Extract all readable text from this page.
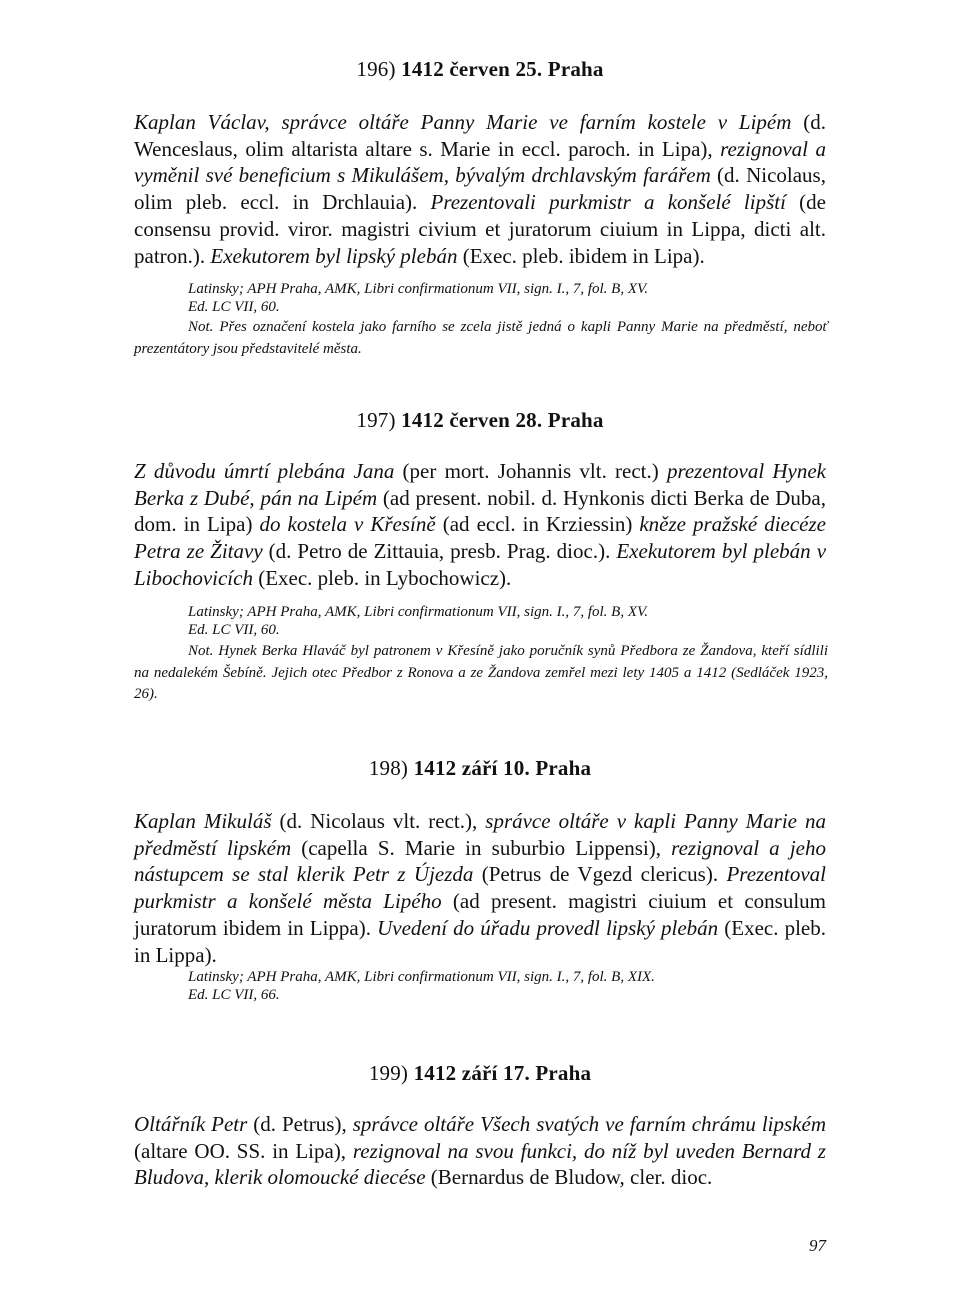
196) 1412 červen 25. Praha
Kaplan Václav, správce oltáře Panny Marie ve farním kostele v Lipém (d. Wenceslaus, olim altarista altare s. Marie in eccl. paroch. in Lipa), rezignoval a vyměnil své beneficium s Mikulášem, bývalým drchlavským farářem (d. Nicolaus, olim pleb. eccl. in Drchlauia). Prezentovali purkmistr a konšelé lipští (de consensu provid. viror. magistri civium et juratorum ciuium in Lippa, dicti alt. patron.). Exekutorem byl lipský plebán (Exec. pleb. ibidem in Lipa).
Latinsky; APH Praha, AMK, Libri confirmationum VII, sign. I., 7, fol. B, XV.
Ed. LC VII, 60.
Not. Přes označení kostela jako farního se zcela jistě jedná o kapli Panny Marie na předměstí, neboť prezentátory jsou představitelé města.
197) 1412 červen 28. Praha
Z důvodu úmrtí plebána Jana (per mort. Johannis vlt. rect.) prezentoval Hynek Berka z Dubé, pán na Lipém (ad present. nobil. d. Hynkonis dicti Berka de Duba, dom. in Lipa) do kostela v Křesíně (ad eccl. in Krziessin) kněze pražské diecéze Petra ze Žitavy (d. Petro de Zittauia, presb. Prag. dioc.). Exekutorem byl plebán v Libochovicích (Exec. pleb. in Lybochowicz).
Latinsky; APH Praha, AMK, Libri confirmationum VII, sign. I., 7, fol. B, XV.
Ed. LC VII, 60.
Not. Hynek Berka Hlaváč byl patronem v Křesíně jako poručník synů Předbora ze Žandova, kteří sídlili na nedalekém Šebíně. Jejich otec Předbor z Ronova a ze Žandova zemřel mezi lety 1405 a 1412 (Sedláček 1923, 26).
198) 1412 září 10. Praha
Kaplan Mikuláš (d. Nicolaus vlt. rect.), správce oltáře v kapli Panny Marie na předměstí lipském (capella S. Marie in suburbio Lippensi), rezignoval a jeho nástupcem se stal klerik Petr z Újezda (Petrus de Vgezd clericus). Prezentoval purkmistr a konšelé města Lipého (ad present. magistri ciuium et consulum juratorum ibidem in Lippa). Uvedení do úřadu provedl lipský plebán (Exec. pleb. in Lippa).
Latinsky; APH Praha, AMK, Libri confirmationum VII, sign. I., 7, fol. B, XIX.
Ed. LC VII, 66.
199) 1412 září 17. Praha
Oltářník Petr (d. Petrus), správce oltáře Všech svatých ve farním chrámu lipském (altare OO. SS. in Lipa), rezignoval na svou funkci, do níž byl uveden Bernard z Bludova, klerik olomoucké diecése (Bernardus de Bludow, cler. dioc.
97
